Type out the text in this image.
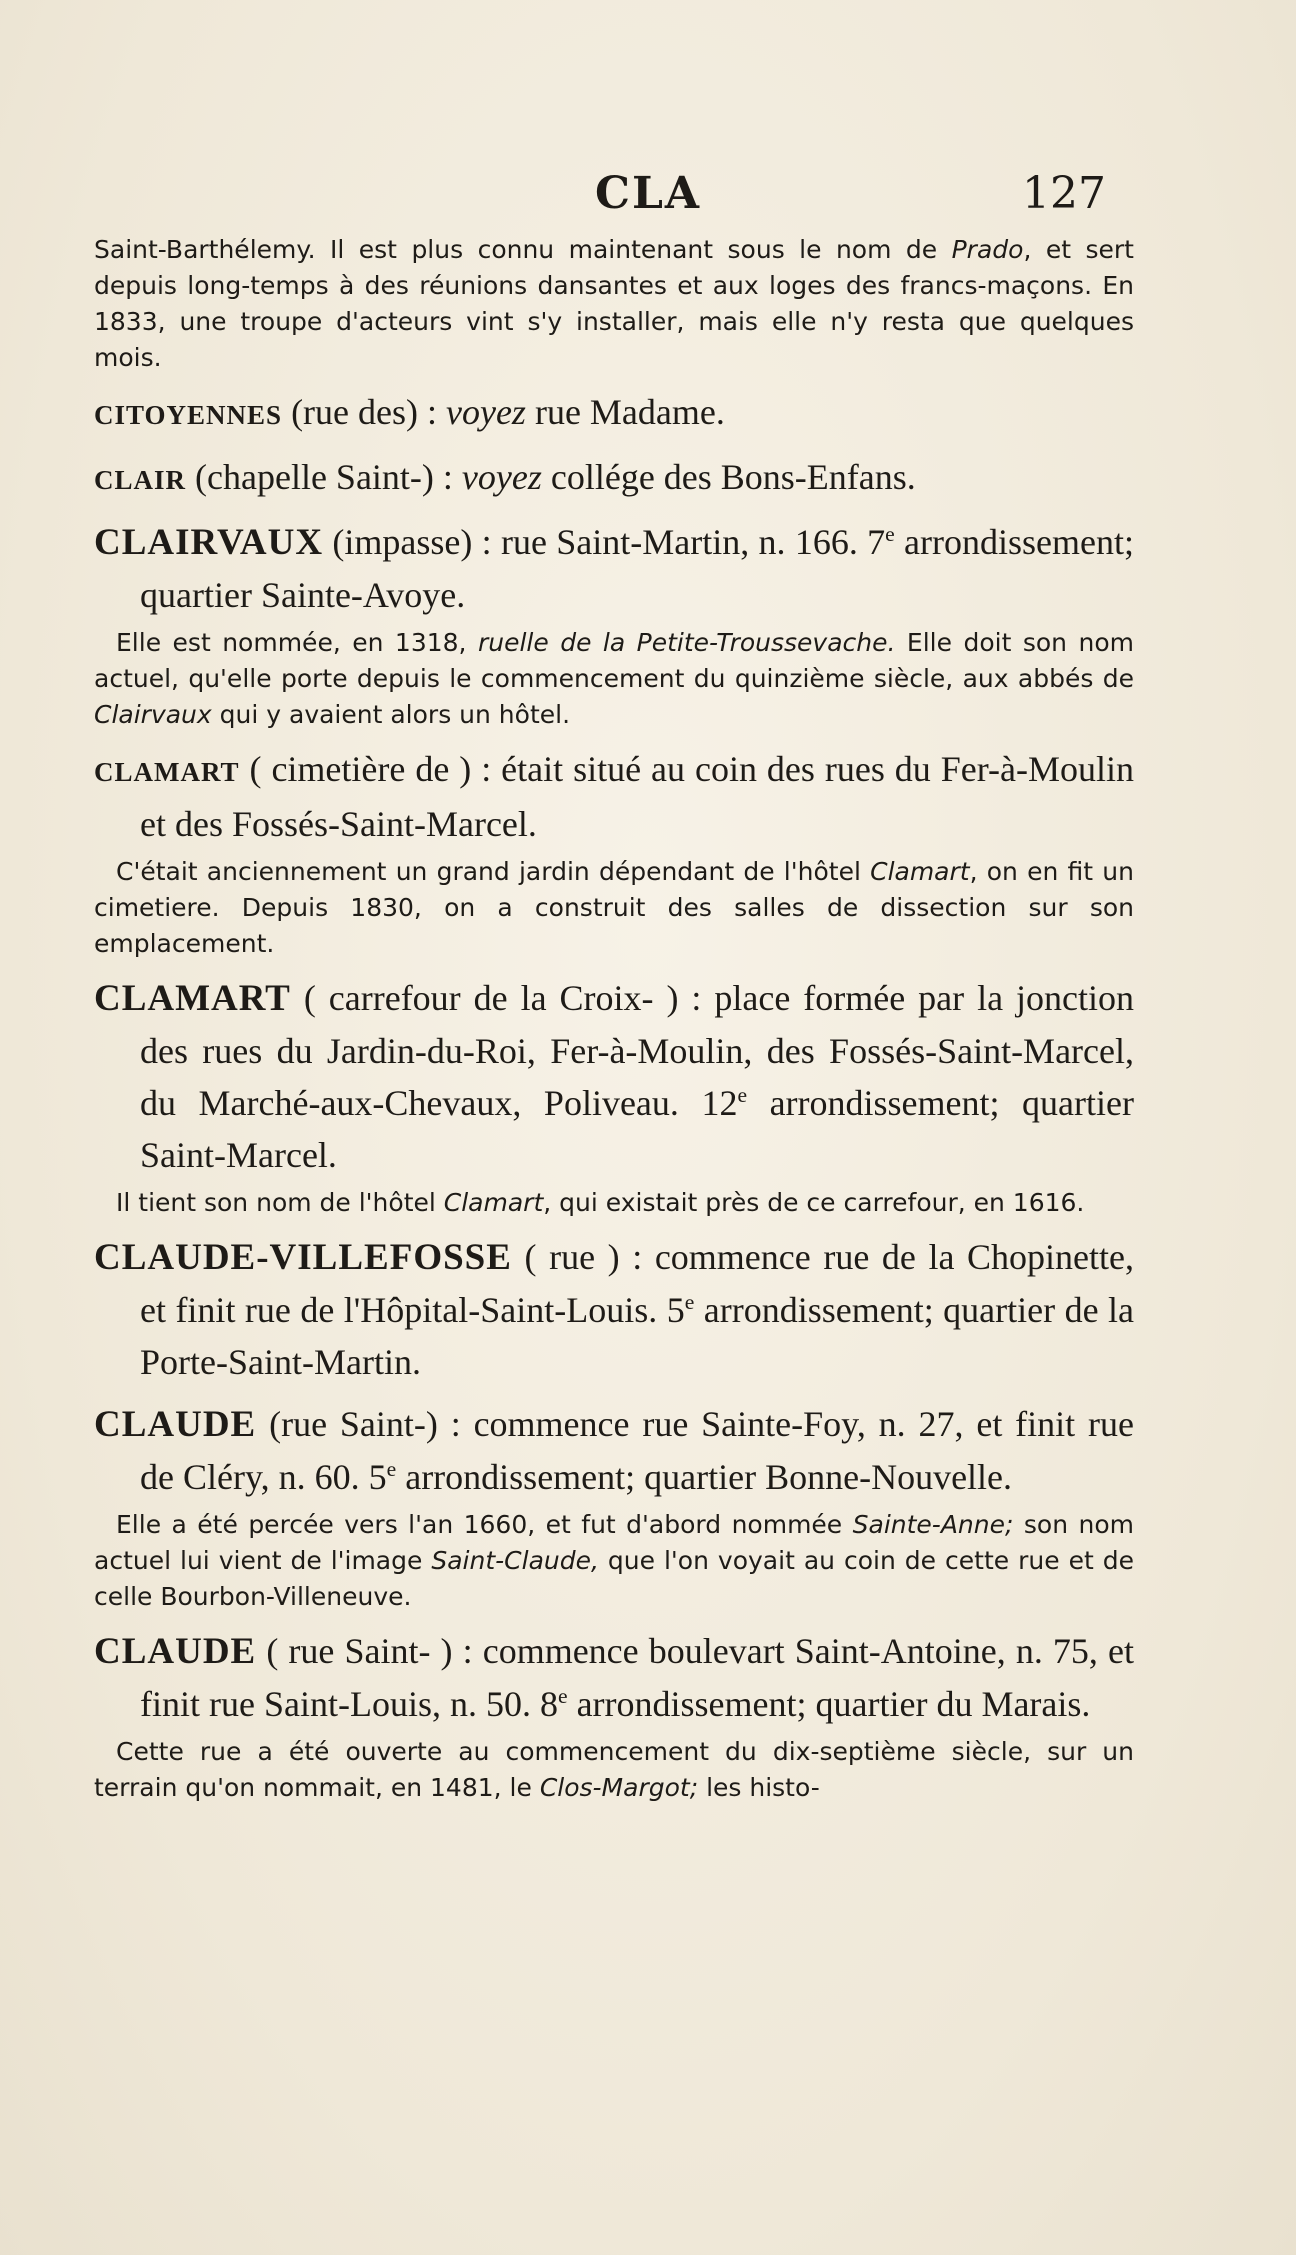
CLA	127

Saint-Barthélemy. Il est plus connu maintenant sous le nom de Prado, et sert depuis long-temps à des réunions dansantes et aux loges des francs-maçons. En 1833, une troupe d'acteurs vint s'y installer, mais elle n'y resta que quelques mois.

CITOYENNES (rue des) : voyez rue Madame.
CLAIR (chapelle Saint-) : voyez collége des Bons-Enfans.
CLAIRVAUX (impasse) : rue Saint-Martin, n. 166. 7e arrondissement; quartier Sainte-Avoye.

Elle est nommée, en 1318, ruelle de la Petite-Troussevache. Elle doit son nom actuel, qu'elle porte depuis le commencement du quinzième siècle, aux abbés de Clairvaux qui y avaient alors un hôtel.

CLAMART ( cimetière de ) : était situé au coin des rues du Fer-à-Moulin et des Fossés-Saint-Marcel.

C'était anciennement un grand jardin dépendant de l'hôtel Clamart, on en fit un cimetiere. Depuis 1830, on a construit des salles de dissection sur son emplacement.

CLAMART ( carrefour de la Croix- ) : place formée par la jonction des rues du Jardin-du-Roi, Fer-à-Moulin, des Fossés-Saint-Marcel, du Marché-aux-Chevaux, Poliveau. 12e arrondissement; quartier Saint-Marcel.

Il tient son nom de l'hôtel Clamart, qui existait près de ce carrefour, en 1616.

CLAUDE-VILLEFOSSE ( rue ) : commence rue de la Chopinette, et finit rue de l'Hôpital-Saint-Louis. 5e arrondissement; quartier de la Porte-Saint-Martin.
CLAUDE (rue Saint-) : commence rue Sainte-Foy, n. 27, et finit rue de Cléry, n. 60. 5e arrondissement; quartier Bonne-Nouvelle.

Elle a été percée vers l'an 1660, et fut d'abord nommée Sainte-Anne; son nom actuel lui vient de l'image Saint-Claude, que l'on voyait au coin de cette rue et de celle Bourbon-Villeneuve.

CLAUDE ( rue Saint- ) : commence boulevart Saint-Antoine, n. 75, et finit rue Saint-Louis, n. 50. 8e arrondissement; quartier du Marais.

Cette rue a été ouverte au commencement du dix-septième siècle, sur un terrain qu'on nommait, en 1481, le Clos-Margot; les histo-
